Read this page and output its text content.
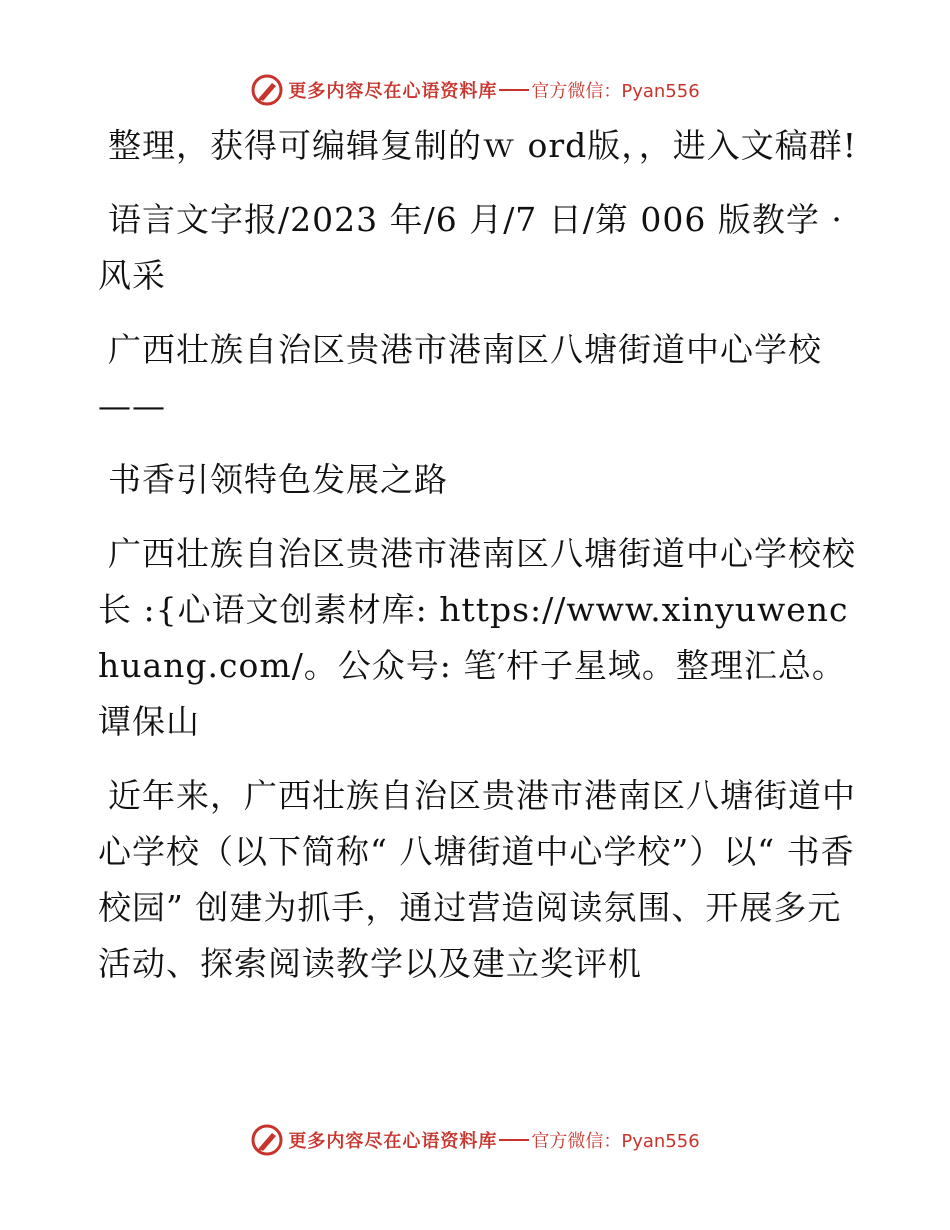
更多内容尽在心语资料库 官方微信：Pyan556

整理，获得可编辑复制的ｗ ord版，，进入文稿群!

语言文字报/2023 年/6 月/7 日/第 006 版教学 · 风采

广西壮族自治区贵港市港南区八塘街道中心学校——

书香引领特色发展之路

广西壮族自治区贵港市港南区八塘街道中心学校校长 :{心语文创素材库: https://www.xinyuwenchuang.com/。公众号: 笔′杆子星域。整理汇总。谭保山

近年来，广西壮族自治区贵港市港南区八塘街道中心学校（以下简称“ 八塘街道中心学校”）以“ 书香校园” 创建为抓手，通过营造阅读氛围、开展多元活动、探索阅读教学以及建立奖评机

更多内容尽在心语资料库 官方微信：Pyan556
